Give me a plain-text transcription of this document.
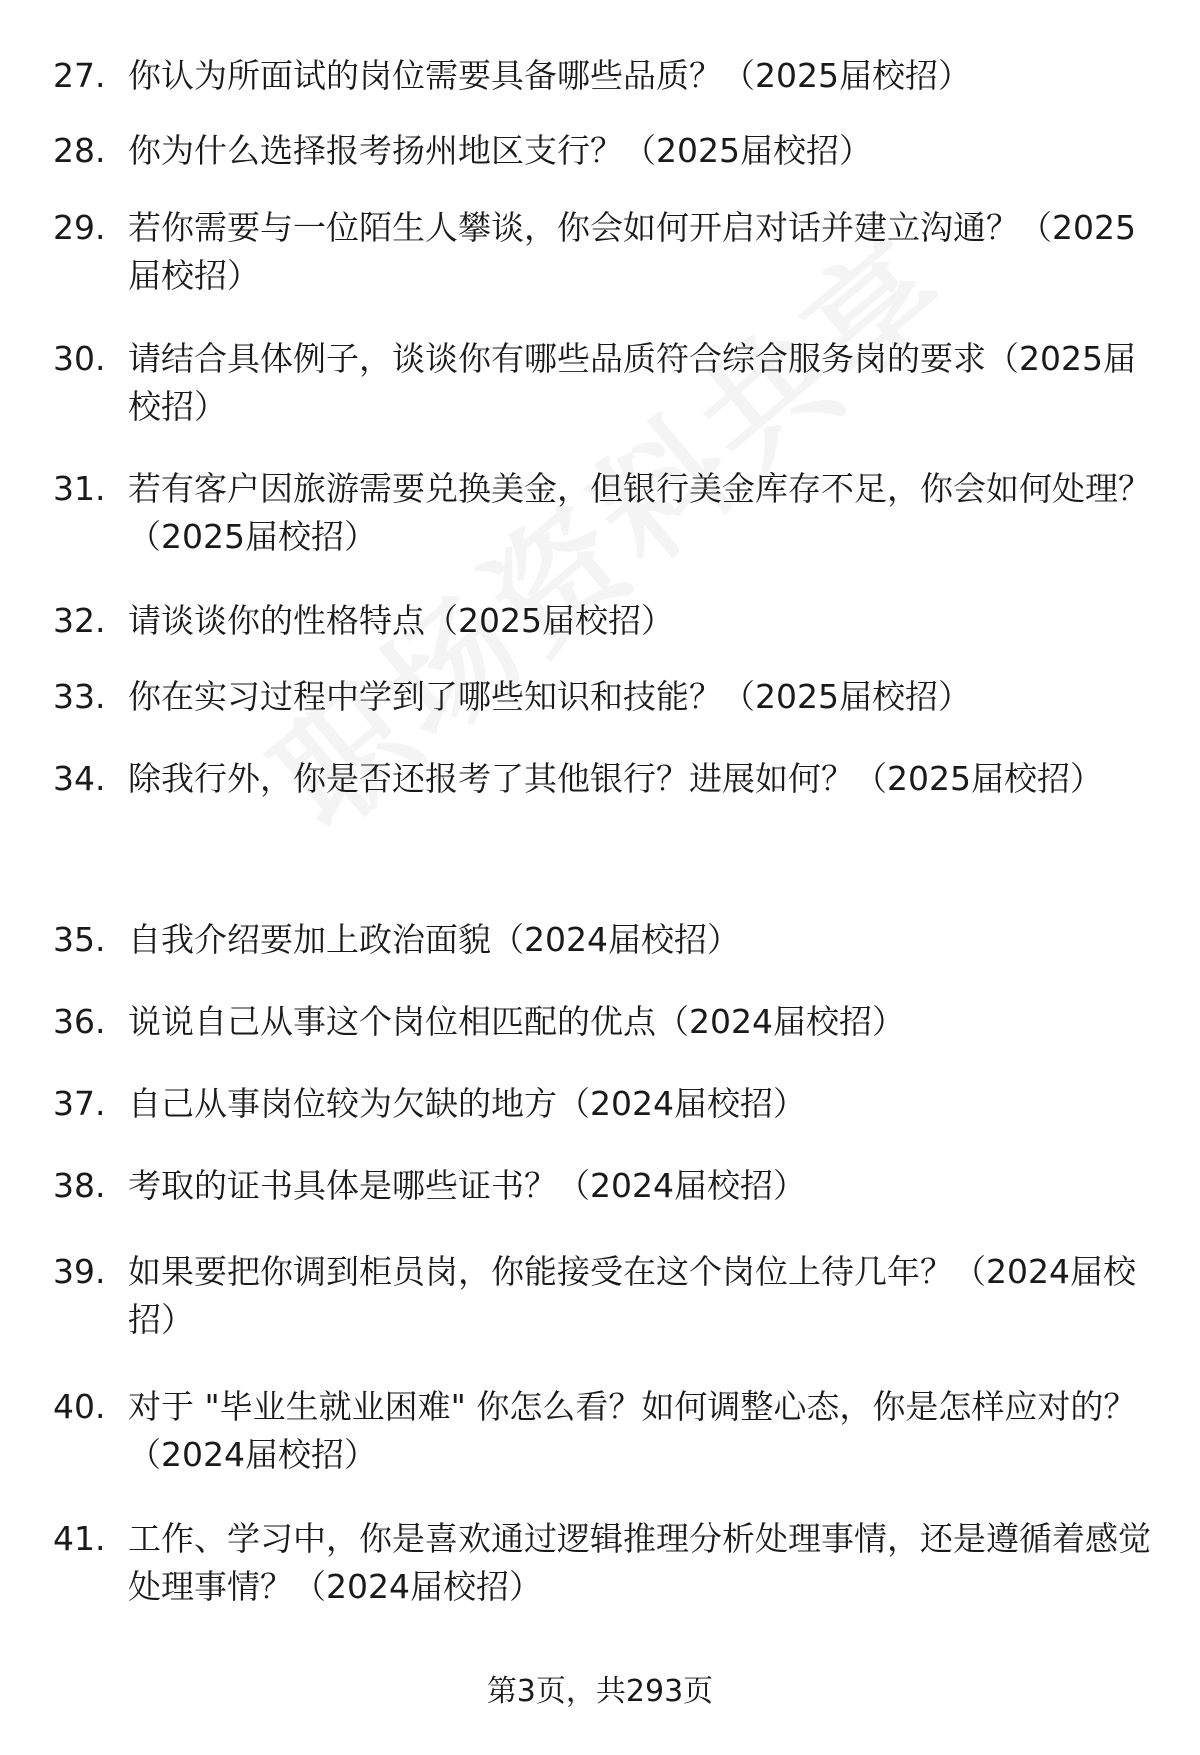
27. 你认为所面试的岗位需要具备哪些品质？（2025届校招）

28. 你为什么选择报考扬州地区支行？（2025届校招）

29. 若你需要与一位陌生人攀谈，你会如何开启对话并建立沟通？（2025届校招）

30. 请结合具体例子，谈谈你有哪些品质符合综合服务岗的要求（2025届校招）

31. 若有客户因旅游需要兑换美金，但银行美金库存不足，你会如何处理？（2025届校招）

32. 请谈谈你的性格特点（2025届校招）

33. 你在实习过程中学到了哪些知识和技能？（2025届校招）

34. 除我行外，你是否还报考了其他银行？进展如何？（2025届校招）

35. 自我介绍要加上政治面貌（2024届校招）

36. 说说自己从事这个岗位相匹配的优点（2024届校招）

37. 自己从事岗位较为欠缺的地方（2024届校招）

38. 考取的证书具体是哪些证书？（2024届校招）

39. 如果要把你调到柜员岗，你能接受在这个岗位上待几年？（2024届校招）

40. 对于 "毕业生就业困难" 你怎么看？如何调整心态，你是怎样应对的？（2024届校招）

41. 工作、学习中，你是喜欢通过逻辑推理分析处理事情，还是遵循着感觉处理事情？（2024届校招）

第3页，共293页
